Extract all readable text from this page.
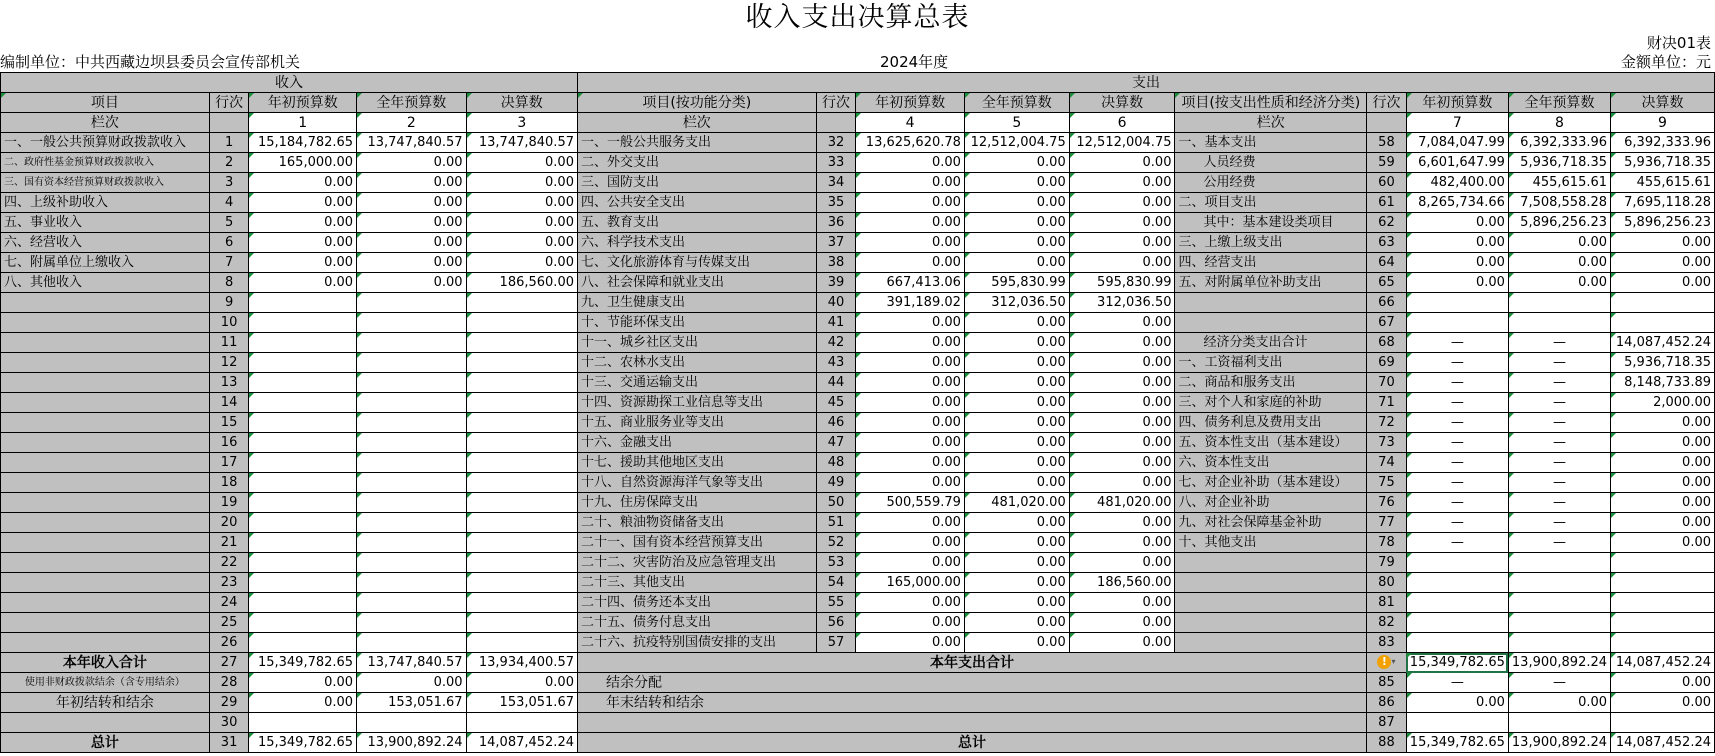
收入支出决算总表
财决01表
编制单位：中共西藏边坝县委员会宣传部机关	2024年度	金额单位：元
收入					支出									
项目	行次	年初预算数	全年预算数	决算数	项目(按功能分类)	行次	年初预算数	全年预算数	决算数	项目(按支出性质和经济分类)	行次	年初预算数	全年预算数	决算数
栏次		1	2	3	栏次		4	5	6	栏次		7	8	9
一、一般公共预算财政拨款收入	1	15,184,782.65	13,747,840.57	13,747,840.57	一、一般公共服务支出	32	13,625,620.78	12,512,004.75	12,512,004.75	一、基本支出	58	7,084,047.99	6,392,333.96	6,392,333.96
二、政府性基金预算财政拨款收入	2	165,000.00	0.00	0.00	二、外交支出	33	0.00	0.00	0.00	人员经费	59	6,601,647.99	5,936,718.35	5,936,718.35
三、国有资本经营预算财政拨款收入	3	0.00	0.00	0.00	三、国防支出	34	0.00	0.00	0.00	公用经费	60	482,400.00	455,615.61	455,615.61
四、上级补助收入	4	0.00	0.00	0.00	四、公共安全支出	35	0.00	0.00	0.00	二、项目支出	61	8,265,734.66	7,508,558.28	7,695,118.28
五、事业收入	5	0.00	0.00	0.00	五、教育支出	36	0.00	0.00	0.00	其中：基本建设类项目	62	0.00	5,896,256.23	5,896,256.23
六、经营收入	6	0.00	0.00	0.00	六、科学技术支出	37	0.00	0.00	0.00	三、上缴上级支出	63	0.00	0.00	0.00
七、附属单位上缴收入	7	0.00	0.00	0.00	七、文化旅游体育与传媒支出	38	0.00	0.00	0.00	四、经营支出	64	0.00	0.00	0.00
八、其他收入	8	0.00	0.00	186,560.00	八、社会保障和就业支出	39	667,413.06	595,830.99	595,830.99	五、对附属单位补助支出	65	0.00	0.00	0.00
	9				九、卫生健康支出	40	391,189.02	312,036.50	312,036.50		66			
	10				十、节能环保支出	41	0.00	0.00	0.00		67			
	11				十一、城乡社区支出	42	0.00	0.00	0.00	经济分类支出合计	68	—	—	14,087,452.24
	12				十二、农林水支出	43	0.00	0.00	0.00	一、工资福利支出	69	—	—	5,936,718.35
	13				十三、交通运输支出	44	0.00	0.00	0.00	二、商品和服务支出	70	—	—	8,148,733.89
	14				十四、资源勘探工业信息等支出	45	0.00	0.00	0.00	三、对个人和家庭的补助	71	—	—	2,000.00
	15				十五、商业服务业等支出	46	0.00	0.00	0.00	四、债务利息及费用支出	72	—	—	0.00
	16				十六、金融支出	47	0.00	0.00	0.00	五、资本性支出（基本建设）	73	—	—	0.00
	17				十七、援助其他地区支出	48	0.00	0.00	0.00	六、资本性支出	74	—	—	0.00
	18				十八、自然资源海洋气象等支出	49	0.00	0.00	0.00	七、对企业补助（基本建设）	75	—	—	0.00
	19				十九、住房保障支出	50	500,559.79	481,020.00	481,020.00	八、对企业补助	76	—	—	0.00
	20				二十、粮油物资储备支出	51	0.00	0.00	0.00	九、对社会保障基金补助	77	—	—	0.00
	21				二十一、国有资本经营预算支出	52	0.00	0.00	0.00	十、其他支出	78	—	—	0.00
	22				二十二、灾害防治及应急管理支出	53	0.00	0.00	0.00		79			
	23				二十三、其他支出	54	165,000.00	0.00	186,560.00		80			
	24				二十四、债务还本支出	55	0.00	0.00	0.00		81			
	25				二十五、债务付息支出	56	0.00	0.00	0.00		82			
	26				二十六、抗疫特别国债安排的支出	57	0.00	0.00	0.00		83			
本年收入合计	27	15,349,782.65	13,747,840.57	13,934,400.57	本年支出合计						! ▾	15,349,782.65	13,900,892.24	14,087,452.24
使用非财政拨款结余（含专用结余）	28	0.00	0.00	0.00	结余分配						85	—	—	0.00
年初结转和结余	29	0.00	153,051.67	153,051.67	年末结转和结余						86	0.00	0.00	0.00
	30										87			
总计	31	15,349,782.65	13,900,892.24	14,087,452.24	总计						88	15,349,782.65	13,900,892.24	14,087,452.24
